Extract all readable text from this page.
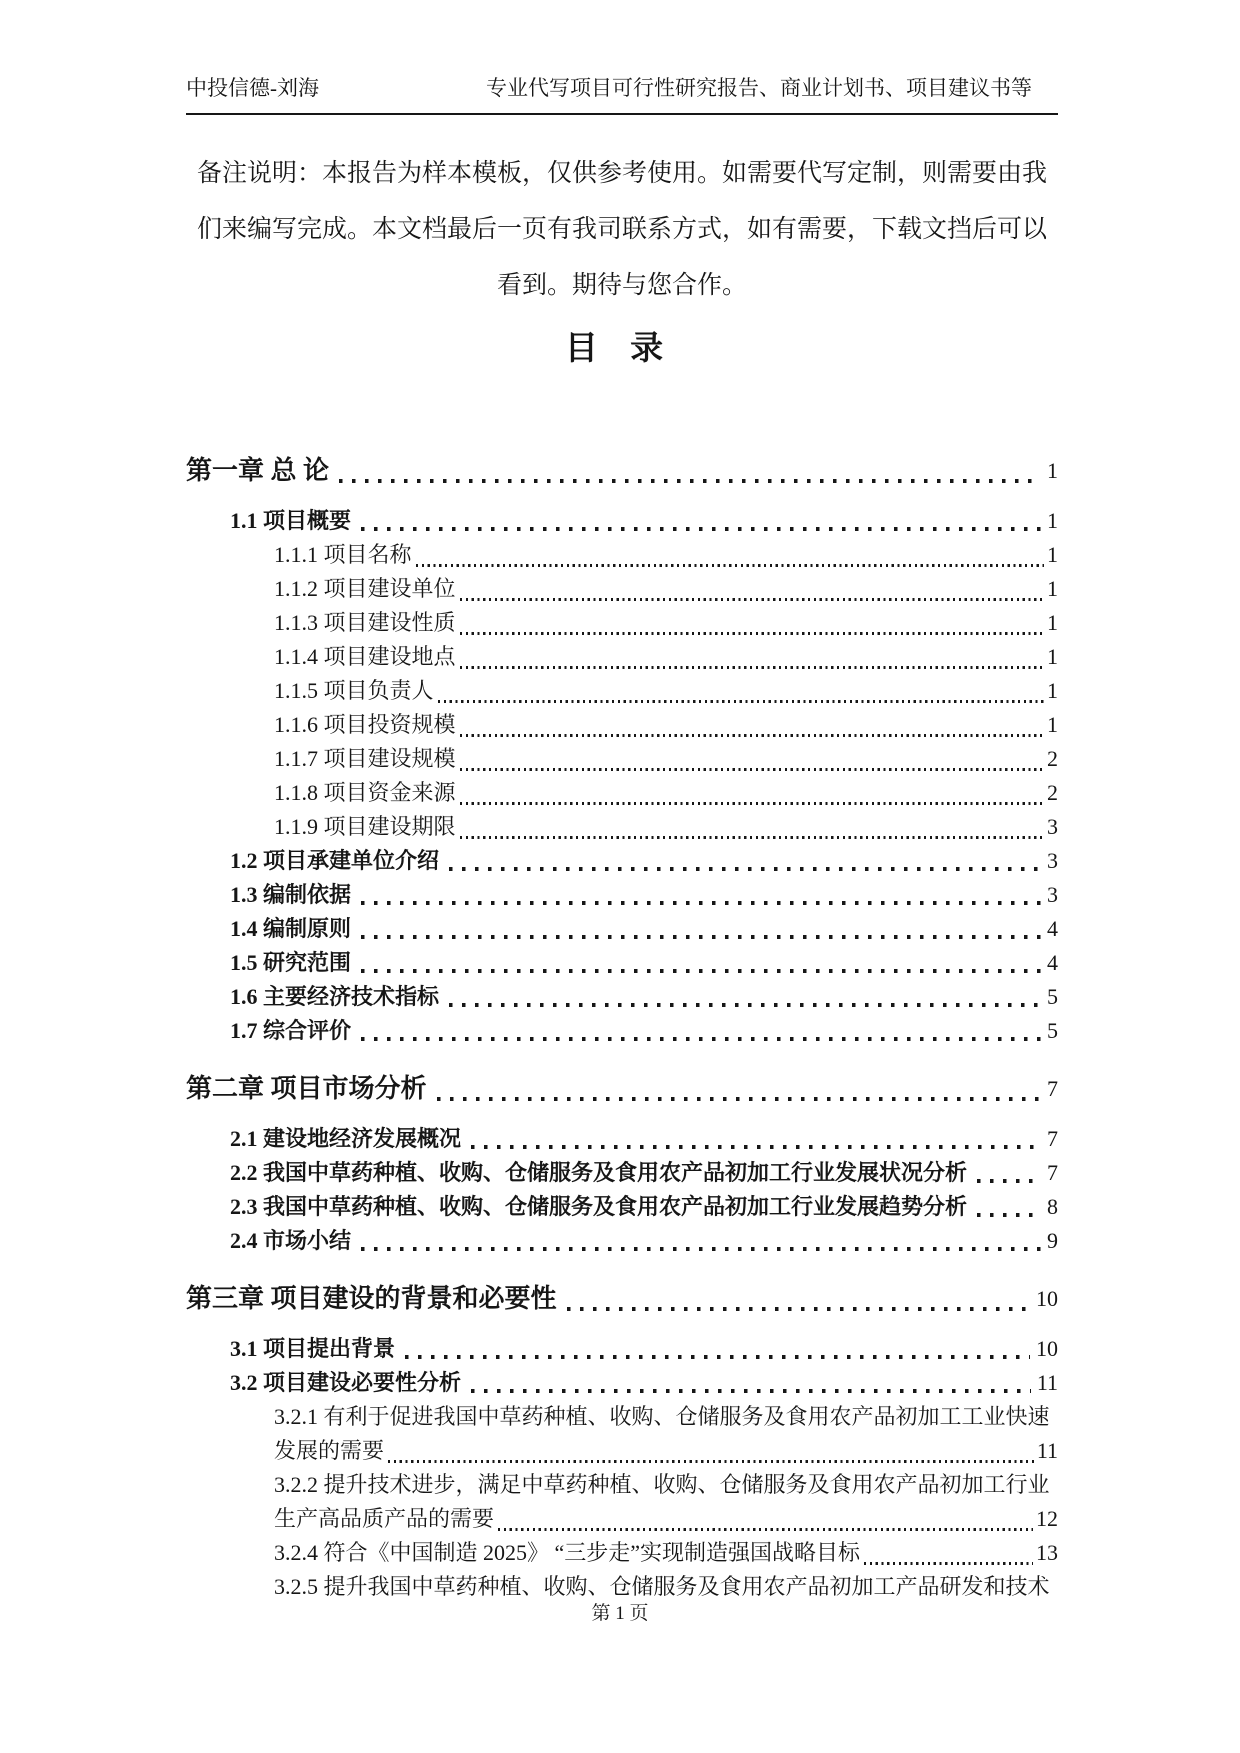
中投信德-刘海	专业代写项目可行性研究报告、商业计划书、项目建议书等
备注说明：本报告为样本模板，仅供参考使用。如需要代写定制，则需要由我
们来编写完成。本文档最后一页有我司联系方式，如有需要，下载文挡后可以
看到。期待与您合作。
目 录
第一章 总 论	1
1.1 项目概要	1
1.1.1 项目名称	1
1.1.2 项目建设单位	1
1.1.3 项目建设性质	1
1.1.4 项目建设地点	1
1.1.5 项目负责人	1
1.1.6 项目投资规模	1
1.1.7 项目建设规模	2
1.1.8 项目资金来源	2
1.1.9 项目建设期限	3
1.2 项目承建单位介绍	3
1.3 编制依据	3
1.4 编制原则	4
1.5 研究范围	4
1.6 主要经济技术指标	5
1.7 综合评价	5
第二章 项目市场分析	7
2.1 建设地经济发展概况	7
2.2 我国中草药种植、收购、仓储服务及食用农产品初加工行业发展状况分析	7
2.3 我国中草药种植、收购、仓储服务及食用农产品初加工行业发展趋势分析	8
2.4 市场小结	9
第三章 项目建设的背景和必要性	10
3.1 项目提出背景	10
3.2 项目建设必要性分析	11
3.2.1 有利于促进我国中草药种植、收购、仓储服务及食用农产品初加工工业快速
发展的需要	11
3.2.2 提升技术进步，满足中草药种植、收购、仓储服务及食用农产品初加工行业
生产高品质产品的需要	12
3.2.4 符合《中国制造 2025》 “三步走”实现制造强国战略目标	13
3.2.5 提升我国中草药种植、收购、仓储服务及食用农产品初加工产品研发和技术
第 1 页
